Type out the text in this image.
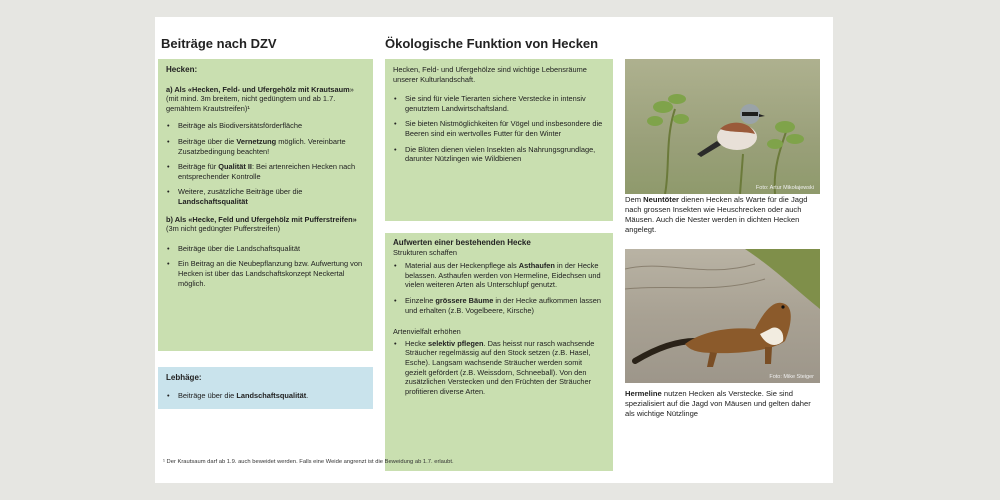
Beiträge nach DZV	Ökologische Funktion von Hecken

Hecken:

a) Als «Hecken, Feld- und Ufergehölz mit Krautsaum» (mit mind. 3m breitem, nicht gedüngtem und ab 1.7. gemähtem Krautstreifen)¹

• Beiträge als Biodiversitätsförderfläche
• Beiträge über die Vernetzung möglich. Vereinbarte Zusatzbedingung beachten!
• Beiträge für Qualität II: Bei artenreichen Hecken nach entsprechender Kontrolle
• Weitere, zusätzliche Beiträge über die Landschaftsqualität

b) Als «Hecke, Feld und Ufergehölz mit Pufferstreifen» (3m nicht gedüngter Pufferstreifen)

• Beiträge über die Landschaftsqualität
• Ein Beitrag an die Neubepflanzung bzw. Aufwertung von Hecken ist über das Landschaftskonzept Neckertal möglich.

Lebhäge:

• Beiträge über die Landschaftsqualität.

Hecken, Feld- und Ufergehölze sind wichtige Lebensräume unserer Kulturlandschaft.

• Sie sind für viele Tierarten sichere Verstecke in intensiv genutztem Landwirtschaftsland.
• Sie bieten Nistmöglichkeiten für Vögel und insbesondere die Beeren sind ein wertvolles Futter für den Winter
• Die Blüten dienen vielen Insekten als Nahrungsgrundlage, darunter Nützlingen wie Wildbienen

Aufwerten einer bestehenden Hecke

Strukturen schaffen

• Material aus der Heckenpflege als Asthaufen in der Hecke belassen. Asthaufen werden von Hermeline, Eidechsen und vielen weiteren Arten als Unterschlupf genutzt.
• Einzelne grössere Bäume in der Hecke aufkommen lassen und erhalten (z.B. Vogelbeere, Kirsche)

Artenvielfalt erhöhen

• Hecke selektiv pflegen. Das heisst nur rasch wachsende Sträucher regelmässig auf den Stock setzen (z.B. Hasel, Esche). Langsam wachsende Sträucher werden somit gezielt gefördert (z.B. Weissdorn, Schneeball). Von den zusätzlichen Verstecken und den Früchten der Sträucher profitieren diverse Arten.
Foto: Artur Mikołajewski

Dem Neuntöter dienen Hecken als Warte für die Jagd nach grossen Insekten wie Heuschrecken oder auch Mäusen. Auch die Nester werden in dichten Hecken angelegt.

Foto: Mike Steiger

Hermeline nutzen Hecken als Verstecke. Sie sind spezialisiert auf die Jagd von Mäusen und gelten daher als wichtige Nützlinge

¹ Der Krautsaum darf ab 1.9. auch beweidet werden. Falls eine Weide angrenzt ist die Beweidung ab 1.7. erlaubt.
